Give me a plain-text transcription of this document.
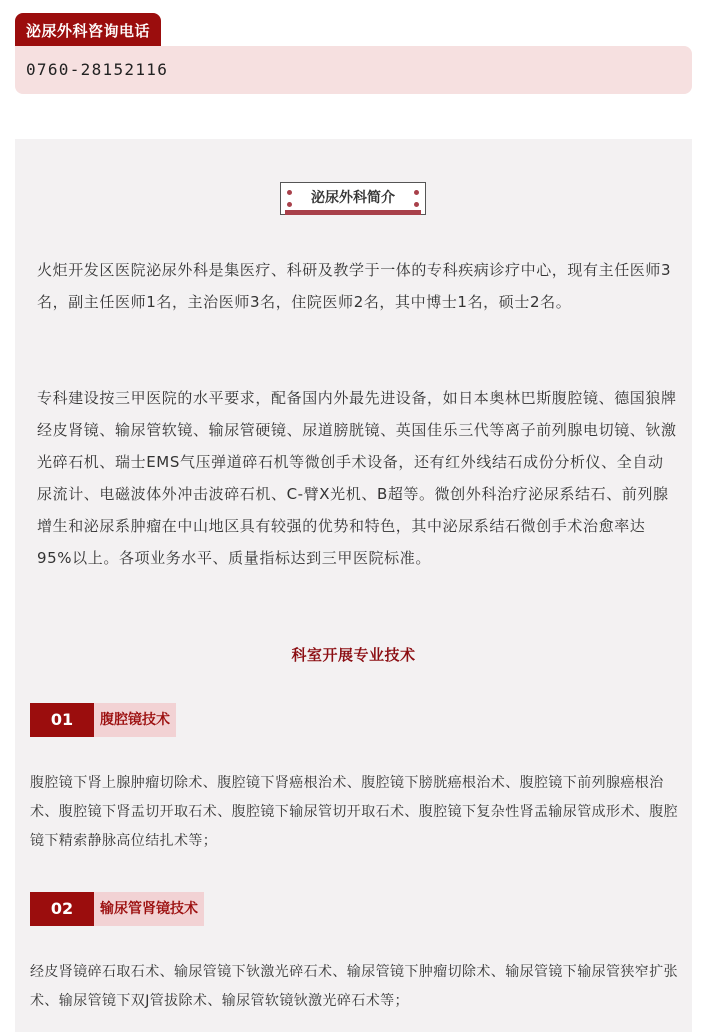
泌尿外科咨询电话
0760-28152116
泌尿外科简介

火炬开发区医院泌尿外科是集医疗、科研及教学于一体的专科疾病诊疗中心，现有主任医师3名，副主任医师1名，主治医师3名，住院医师2名，其中博士1名，硕士2名。

专科建设按三甲医院的水平要求，配备国内外最先进设备，如日本奥林巴斯腹腔镜、德国狼牌经皮肾镜、输尿管软镜、输尿管硬镜、尿道膀胱镜、英国佳乐三代等离子前列腺电切镜、钬激光碎石机、瑞士EMS气压弹道碎石机等微创手术设备，还有红外线结石成份分析仪、全自动尿流计、电磁波体外冲击波碎石机、C-臂X光机、B超等。微创外科治疗泌尿系结石、前列腺增生和泌尿系肿瘤在中山地区具有较强的优势和特色，其中泌尿系结石微创手术治愈率达95%以上。各项业务水平、质量指标达到三甲医院标准。

科室开展专业技术
01	腹腔镜技术

腹腔镜下肾上腺肿瘤切除术、腹腔镜下肾癌根治术、腹腔镜下膀胱癌根治术、腹腔镜下前列腺癌根治术、腹腔镜下肾盂切开取石术、腹腔镜下输尿管切开取石术、腹腔镜下复杂性肾盂输尿管成形术、腹腔镜下精索静脉高位结扎术等；

02	输尿管肾镜技术

经皮肾镜碎石取石术、输尿管镜下钬激光碎石术、输尿管镜下肿瘤切除术、输尿管镜下输尿管狭窄扩张术、输尿管镜下双J管拔除术、输尿管软镜钬激光碎石术等；
